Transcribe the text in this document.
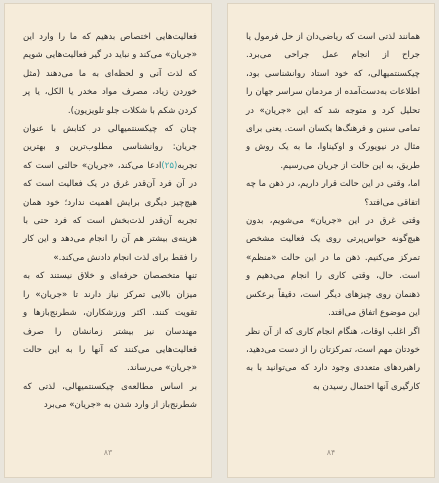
فعالیت‌هایی اختصاص بدهیم که ما را وارد این «جریان» می‌کند و نباید در گیر فعالیت‌هایی شویم که لذت آنی و لحظه‌ای به ما می‌دهند (مثل خوردن زیاد، مصرف مواد مخدر یا الکل، یا پر کردن شکم با شکلات جلو تلویزیون).

چنان که چیکسنتمیهالی در کتابش با عنوان جریان: روانشناسی مطلوب‌ترین و بهترین تجربه(۲۵)ادعا می‌کند، «جریان» حالتی است که در آن فرد آن‌قدر غرق در یک فعالیت است که هیچ‌چیز دیگری برایش اهمیت ندارد؛ خود همان تجربه آن‌قدر لذت‌بخش است که فرد حتی با هزینه‌ی بیشتر هم آن را انجام می‌دهد و این کار را فقط برای لذت انجام دادنش می‌کند.»

تنها متخصصان حرفه‌ای و خلاق نیستند که به میزان بالایی تمرکز نیاز دارند تا «جریان» را تقویت کنند. اکثر ورزشکاران، شطرنج‌بازها و مهندسان نیز بیشتر زمانشان را صرف فعالیت‌هایی می‌کنند که آنها را به این حالت «جریان» می‌رساند.

بر اساس مطالعه‌ی چیکسنتمیهالی، لذتی که شطرنج‌باز از وارد شدن به «جریان» می‌برد

۸۳

همانند لذتی است که ریاضی‌دان از حل فرمول یا جراح از انجام عمل جراحی می‌برد. چیکسنتمیهالی، که خود استاد روانشناسی بود، اطلاعات به‌دست‌آمده از مردمان سراسر جهان را تحلیل کرد و متوجه شد که این «جریان» در تمامی سنین و فرهنگ‌ها یکسان است. یعنی برای مثال در نیویورک و اوکیناوا، ما به یک روش و طریق، به این حالت از جریان می‌رسیم.

اما، وقتی در این حالت قرار داریم، در ذهن ما چه اتفاقی می‌افتد؟

وقتی غرق در این «جریان» می‌شویم، بدون هیچ‌گونه حواس‌پرتی روی یک فعالیت مشخص تمرکز می‌کنیم. ذهن ما در این حالت «منظم» است. حال، وقتی کاری را انجام می‌دهیم و ذهنمان روی چیزهای دیگر است، دقیقاً برعکس این موضوع اتفاق می‌افتد.

اگر اغلب اوقات، هنگام انجام کاری که از آن نظر خودتان مهم است، تمرکزتان را از دست می‌دهید، راهبردهای متعددی وجود دارد که می‌توانید با به کارگیری آنها احتمال رسیدن به

۸۴
